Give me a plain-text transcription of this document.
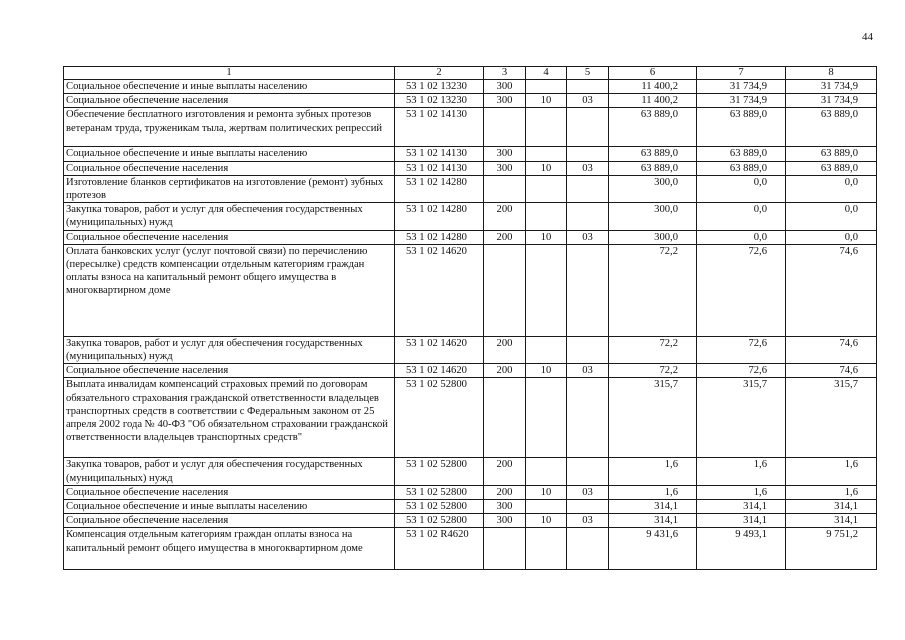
44
1	2	3	4	5	6	7	8
Социальное обеспечение и иные выплаты населению	53 1 02 13230	300			11 400,2	31 734,9	31 734,9
Социальное обеспечение населения	53 1 02 13230	300	10	03	11 400,2	31 734,9	31 734,9
Обеспечение бесплатного изготовления и ремонта зубных протезов ветеранам труда, труженикам тыла, жертвам политических репрессий	53 1 02 14130				63 889,0	63 889,0	63 889,0
Социальное обеспечение и иные выплаты населению	53 1 02 14130	300			63 889,0	63 889,0	63 889,0
Социальное обеспечение населения	53 1 02 14130	300	10	03	63 889,0	63 889,0	63 889,0
Изготовление бланков сертификатов на изготовление (ремонт) зубных протезов	53 1 02 14280				300,0	0,0	0,0
Закупка товаров, работ и услуг для обеспечения государственных (муниципальных) нужд	53 1 02 14280	200			300,0	0,0	0,0
Социальное обеспечение населения	53 1 02 14280	200	10	03	300,0	0,0	0,0
Оплата банковских услуг (услуг почтовой связи) по перечислению (пересылке) средств компенсации отдельным категориям граждан оплаты взноса на капитальный ремонт общего имущества в многоквартирном доме	53 1 02 14620				72,2	72,6	74,6
Закупка товаров, работ и услуг для обеспечения государственных (муниципальных) нужд	53 1 02 14620	200			72,2	72,6	74,6
Социальное обеспечение населения	53 1 02 14620	200	10	03	72,2	72,6	74,6
Выплата инвалидам компенсаций страховых премий по договорам обязательного страхования гражданской ответственности владельцев транспортных средств в соответствии с Федеральным законом от 25 апреля 2002 года № 40-ФЗ "Об обязательном страховании гражданской ответственности владельцев транспортных средств"	53 1 02 52800				315,7	315,7	315,7
Закупка товаров, работ и услуг для обеспечения государственных (муниципальных) нужд	53 1 02 52800	200			1,6	1,6	1,6
Социальное обеспечение населения	53 1 02 52800	200	10	03	1,6	1,6	1,6
Социальное обеспечение и иные выплаты населению	53 1 02 52800	300			314,1	314,1	314,1
Социальное обеспечение населения	53 1 02 52800	300	10	03	314,1	314,1	314,1
Компенсация отдельным категориям граждан оплаты взноса на капитальный ремонт общего имущества в многоквартирном доме	53 1 02 R4620				9 431,6	9 493,1	9 751,2
